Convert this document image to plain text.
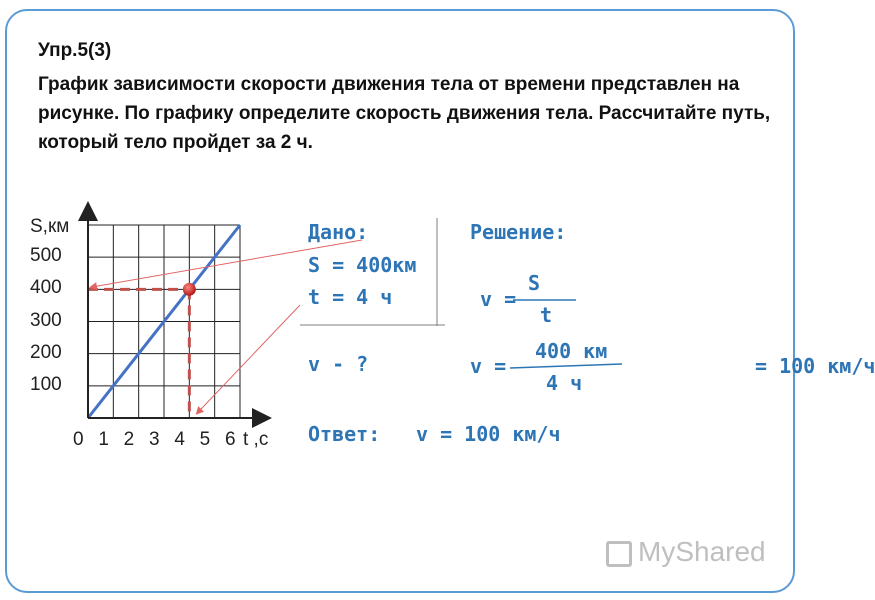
Упр.5(3)
График зависимости скорости движения тела от времени представлен на рисунке. По графику определите скорость движения тела. Рассчитайте путь, который тело пройдет за 2 ч.
S,км
100
200
300
400
500
0 1 2 3 4 5 6 t ,c
Дано:
S = 400км
t = 4 ч
v - ?
Решение:
v =
S
t
v =
400 км
4 ч
= 100 км/ч
Ответ: v = 100 км/ч
MyShared
